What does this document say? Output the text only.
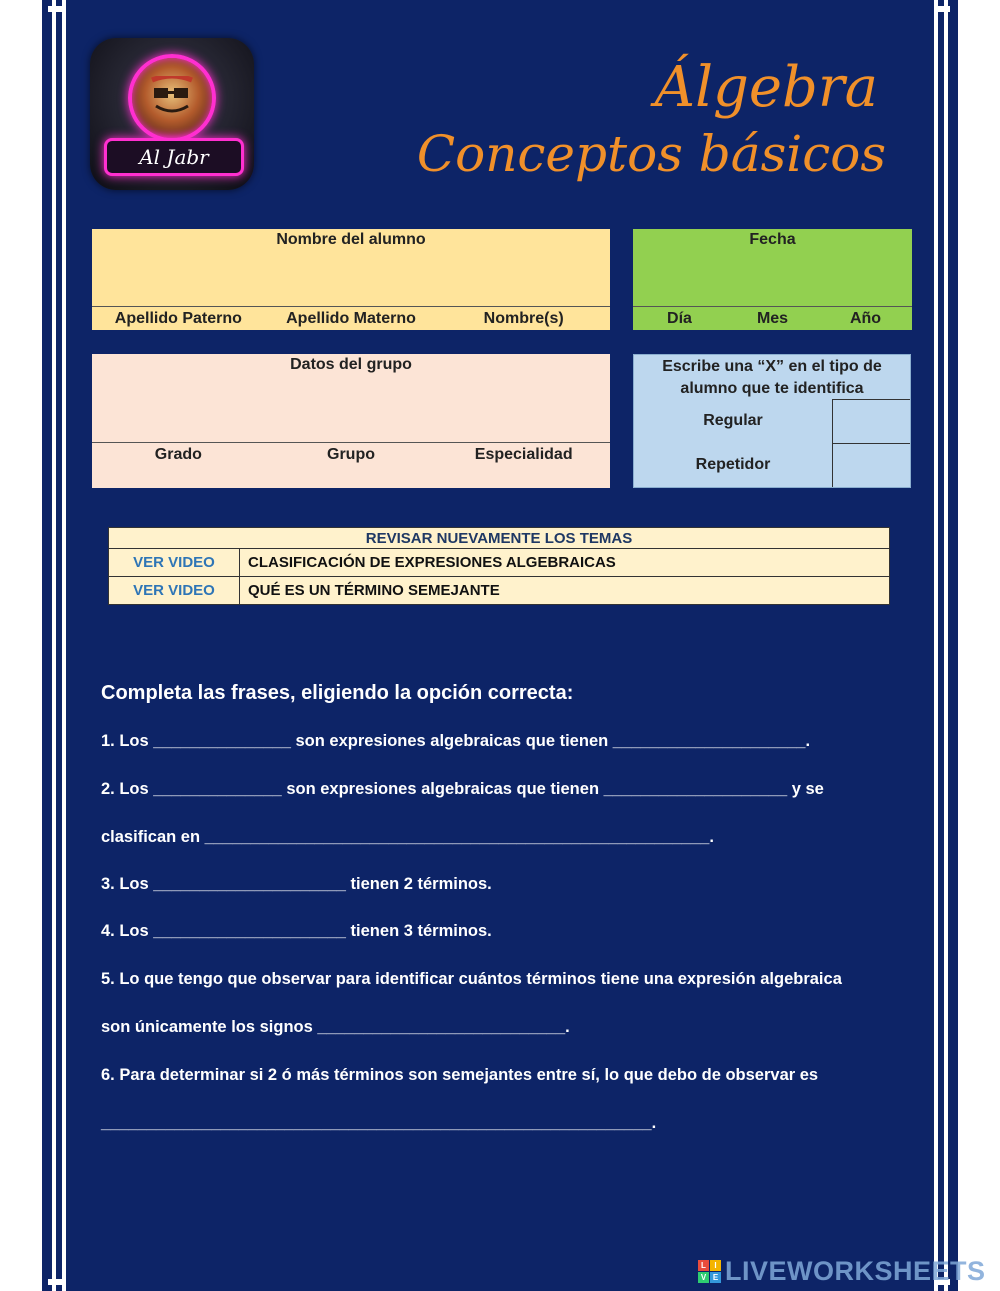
Al Jabr
Álgebra
Conceptos básicos
Nombre del alumno
Apellido Paterno	Apellido Materno	Nombre(s)
Fecha
Día	Mes	Año
Datos del grupo
Grado	Grupo	Especialidad
Escribe una “X” en el tipo de alumno que te identifica
Regular
Repetidor
REVISAR NUEVAMENTE LOS TEMAS	
VER VIDEO	CLASIFICACIÓN DE EXPRESIONES ALGEBRAICAS
VER VIDEO	QUÉ ES UN TÉRMINO SEMEJANTE
Completa las frases, eligiendo la opción correcta:
1. Los _______________ son expresiones algebraicas que tienen _____________________.
2. Los ______________ son expresiones algebraicas que tienen ____________________ y se
clasifican en _______________________________________________________.
3. Los _____________________ tienen 2 términos.
4. Los _____________________ tienen 3 términos.
5. Lo que tengo que observar para identificar cuántos términos tiene una expresión algebraica
son únicamente los signos ___________________________.
6. Para determinar si 2 ó más términos son semejantes entre sí, lo que debo de observar es
____________________________________________________________.
L	I
V E LIVEWORKSHEETS
